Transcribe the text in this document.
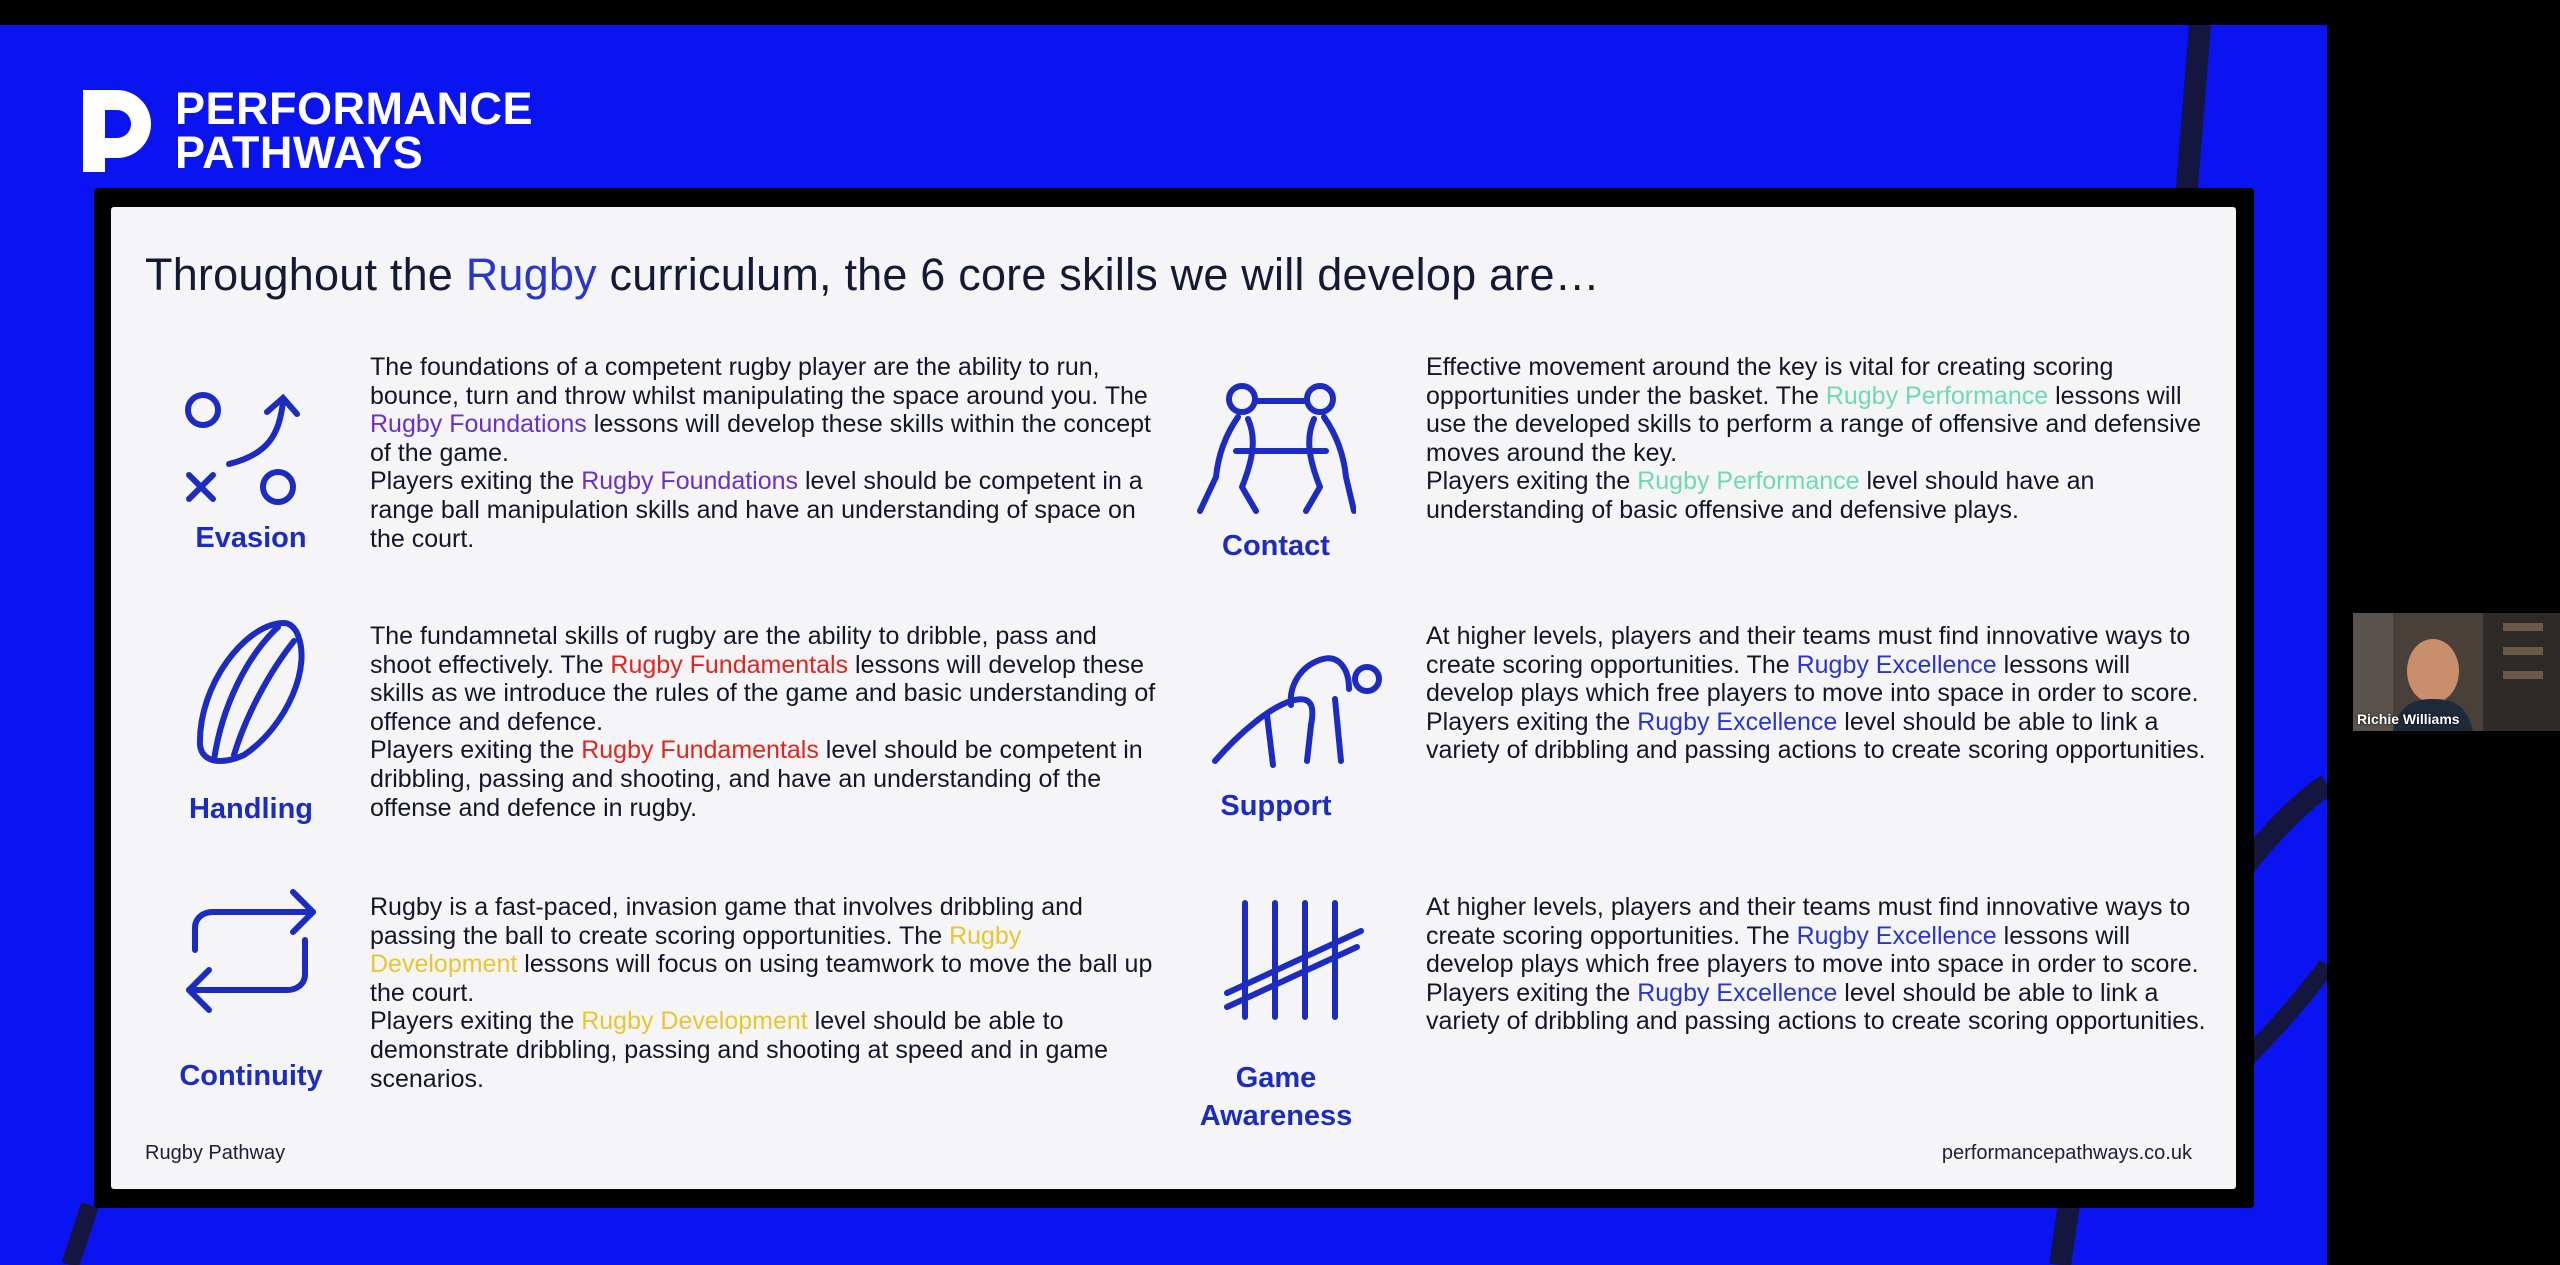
PERFORMANCE
PATHWAYS
Throughout the Rugby curriculum, the 6 core skills we will develop are…
Evasion

The foundations of a competent rugby player are the ability to run, bounce, turn and throw whilst manipulating the space around you. The Rugby Foundations lessons will develop these skills within the concept of the game.
Players exiting the Rugby Foundations level should be competent in a range ball manipulation skills and have an understanding of space on the court.

Handling

The fundamnetal skills of rugby are the ability to dribble, pass and shoot effectively. The Rugby Fundamentals lessons will develop these skills as we introduce the rules of the game and basic understanding of offence and defence.
Players exiting the Rugby Fundamentals level should be competent in dribbling, passing and shooting, and have an understanding of the offense and defence in rugby.

Continuity

Rugby is a fast-paced, invasion game that involves dribbling and passing the ball to create scoring opportunities. The Rugby Development lessons will focus on using teamwork to move the ball up the court.
Players exiting the Rugby Development level should be able to demonstrate dribbling, passing and shooting at speed and in game scenarios.

Contact

Effective movement around the key is vital for creating scoring opportunities under the basket. The Rugby Performance lessons will use the developed skills to perform a range of offensive and defensive moves around the key.
Players exiting the Rugby Performance level should have an understanding of basic offensive and defensive plays.

Support

At higher levels, players and their teams must find innovative ways to create scoring opportunities. The Rugby Excellence lessons will develop plays which free players to move into space in order to score.
Players exiting the Rugby Excellence level should be able to link a variety of dribbling and passing actions to create scoring opportunities.

Game
Awareness

At higher levels, players and their teams must find innovative ways to create scoring opportunities. The Rugby Excellence lessons will develop plays which free players to move into space in order to score.
Players exiting the Rugby Excellence level should be able to link a variety of dribbling and passing actions to create scoring opportunities.

Rugby Pathway	performancepathways.co.uk
Richie Williams
